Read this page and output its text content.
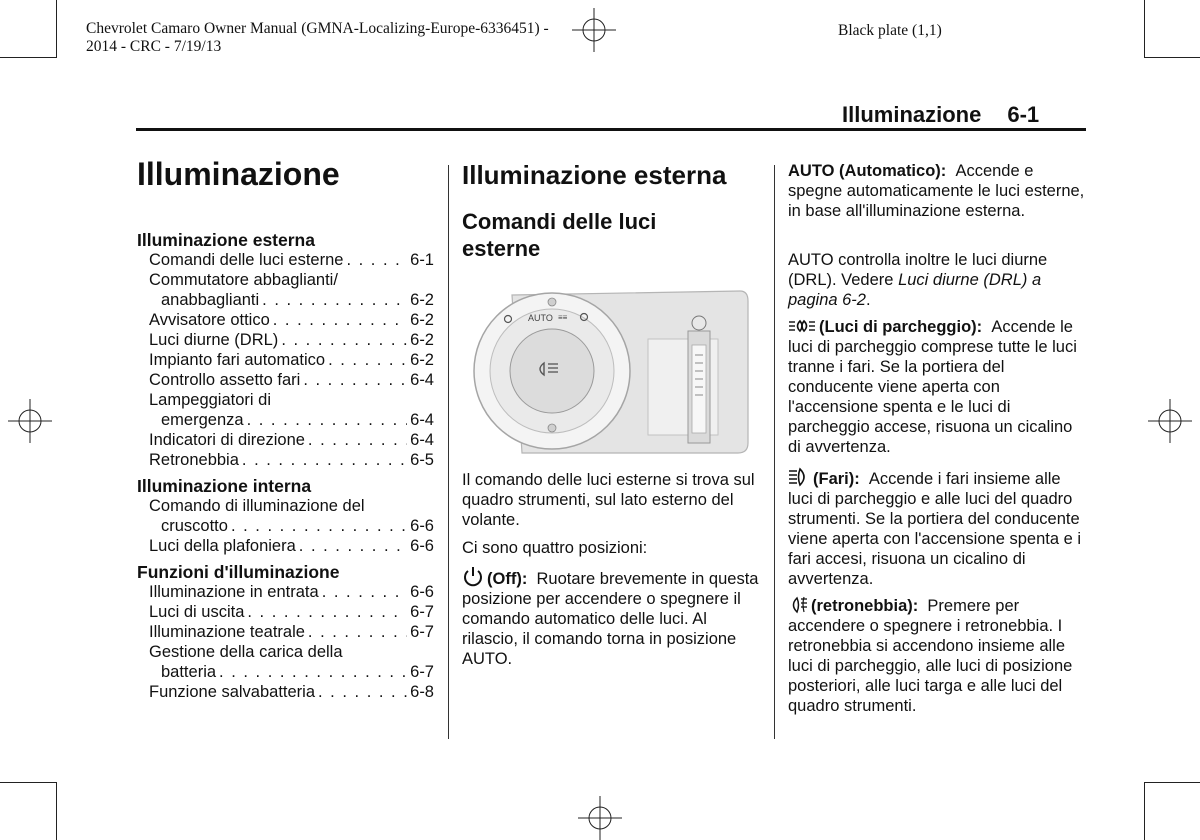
Chevrolet Camaro Owner Manual (GMNA-Localizing-Europe-6336451) -
2014 - CRC - 7/19/13
Black plate (1,1)
Illuminazione 6-1
Illuminazione
Illuminazione esterna
Comandi delle luci esterne . . .	6-1
Commutatore abbaglianti/
anabbaglianti . . .	6-2
Avvisatore ottico . . .	6-2
Luci diurne (DRL) . . .	6-2
Impianto fari automatico . . .	6-2
Controllo assetto fari . . .	6-4
Lampeggiatori di
emergenza . . .	6-4
Indicatori di direzione . . .	6-4
Retronebbia . . .	6-5
Illuminazione interna
Comando di illuminazione del
cruscotto . . .	6-6
Luci della plafoniera . . .	6-6
Funzioni d'illuminazione
Illuminazione in entrata . . .	6-6
Luci di uscita . . .	6-7
Illuminazione teatrale . . .	6-7
Gestione della carica della
batteria . . .	6-7
Funzione salvabatteria . . .	6-8
Illuminazione esterna
Comandi delle luci esterne
AUTO ≡≡

Il comando delle luci esterne si trova sul quadro strumenti, sul lato esterno del volante.

Ci sono quattro posizioni:

(Off): Ruotare brevemente in questa posizione per accendere o spegnere il comando automatico delle luci. Al rilascio, il comando torna in posizione AUTO.

AUTO (Automatico): Accende e spegne automaticamente le luci esterne, in base all'illuminazione esterna.

AUTO controlla inoltre le luci diurne (DRL). Vedere Luci diurne (DRL) a pagina 6-2.

(Luci di parcheggio): Accende le luci di parcheggio comprese tutte le luci tranne i fari. Se la portiera del conducente viene aperta con l'accensione spenta e le luci di parcheggio accese, risuona un cicalino di avvertenza.

(Fari): Accende i fari insieme alle luci di parcheggio e alle luci del quadro strumenti. Se la portiera del conducente viene aperta con l'accensione spenta e i fari accesi, risuona un cicalino di avvertenza.

(retronebbia): Premere per accendere o spegnere i retronebbia. I retronebbia si accendono insieme alle luci di parcheggio, alle luci di posizione posteriori, alle luci targa e alle luci del quadro strumenti.
